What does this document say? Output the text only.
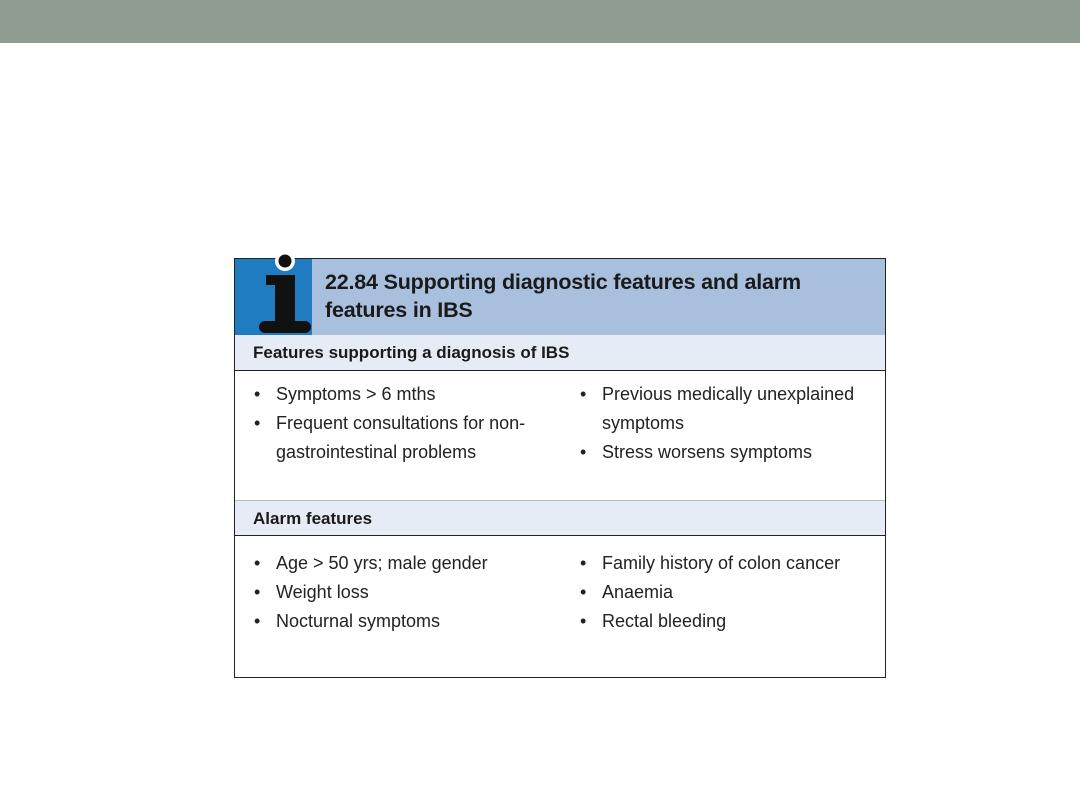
22.84 Supporting diagnostic features and alarm features in IBS
Features supporting a diagnosis of IBS
• Symptoms > 6 mths
• Frequent consultations for non-gastrointestinal problems
• Previous medically unexplained symptoms
• Stress worsens symptoms
Alarm features
• Age > 50 yrs; male gender
• Weight loss
• Nocturnal symptoms
• Family history of colon cancer
• Anaemia
• Rectal bleeding
